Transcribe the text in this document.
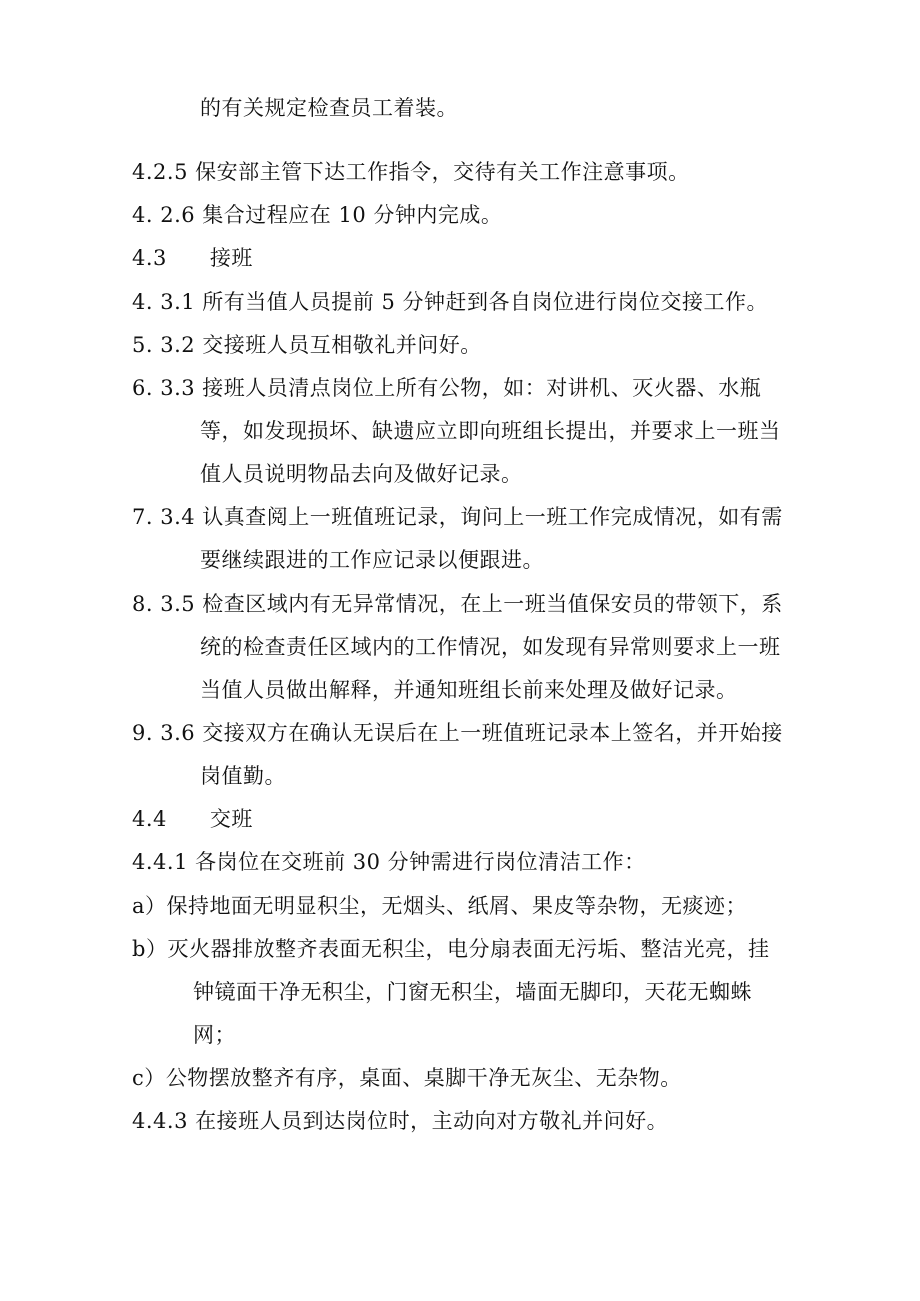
的有关规定检查员工着装。
4.2.5 保安部主管下达工作指令，交待有关工作注意事项。
4. 2.6 集合过程应在 10 分钟内完成。
4.3　　接班
4. 3.1 所有当值人员提前 5 分钟赶到各自岗位进行岗位交接工作。
5. 3.2 交接班人员互相敬礼并问好。
6. 3.3 接班人员清点岗位上所有公物，如：对讲机、灭火器、水瓶
等，如发现损坏、缺遗应立即向班组长提出，并要求上一班当
值人员说明物品去向及做好记录。
7. 3.4 认真查阅上一班值班记录，询问上一班工作完成情况，如有需
要继续跟进的工作应记录以便跟进。
8. 3.5 检查区域内有无异常情况，在上一班当值保安员的带领下，系
统的检查责任区域内的工作情况，如发现有异常则要求上一班
当值人员做出解释，并通知班组长前来处理及做好记录。
9. 3.6 交接双方在确认无误后在上一班值班记录本上签名，并开始接
岗值勤。
4.4　　交班
4.4.1 各岗位在交班前 30 分钟需进行岗位清洁工作：
a）保持地面无明显积尘，无烟头、纸屑、果皮等杂物，无痰迹；
b）灭火器排放整齐表面无积尘，电分扇表面无污垢、整洁光亮，挂
钟镜面干净无积尘，门窗无积尘，墙面无脚印，天花无蜘蛛
网；
c）公物摆放整齐有序，桌面、桌脚干净无灰尘、无杂物。
4.4.3 在接班人员到达岗位时，主动向对方敬礼并问好。
